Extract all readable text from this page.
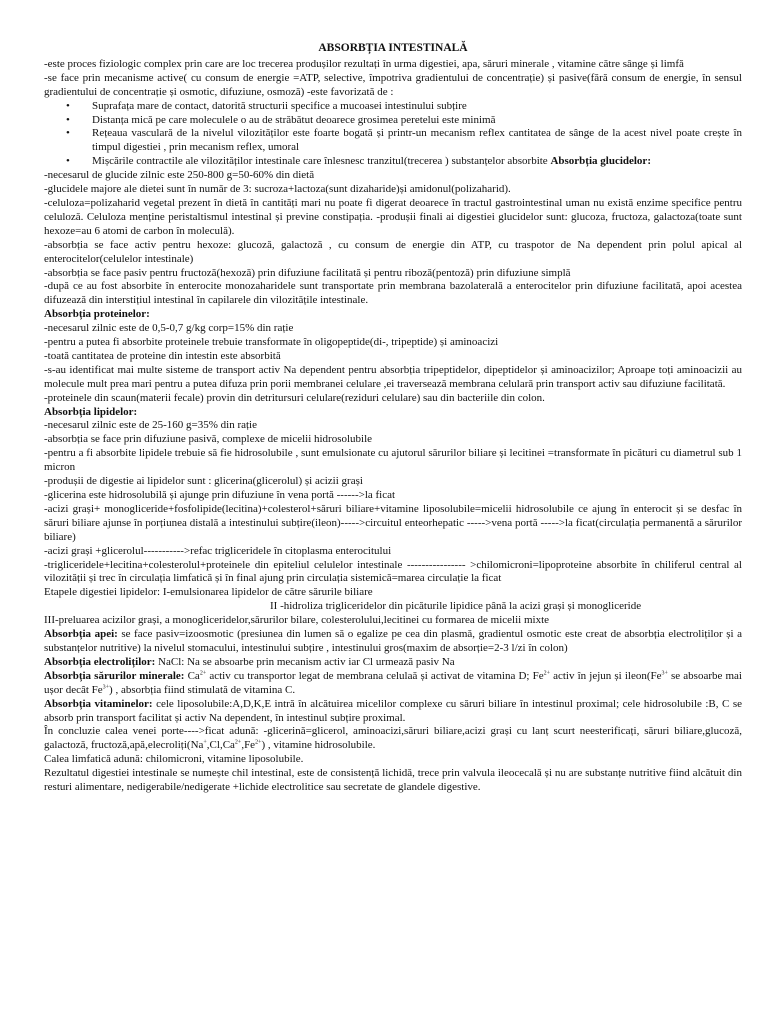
ABSORBȚIA INTESTINALĂ

-este proces fiziologic complex prin care are loc trecerea produșilor rezultați în urma digestiei, apa, săruri minerale , vitamine către sânge și limfă

-se face prin mecanisme active( cu consum de energie =ATP, selective, împotriva gradientului de concentrație) și pasive(fără consum de energie, în sensul gradientului de concentrație și osmotic, difuziune, osmoză) -este favorizată de :

• Suprafața mare de contact, datorită structurii specifice a mucoasei intestinului subțire
• Distanța mică pe care moleculele o au de străbătut deoarece grosimea peretelui este minimă
• Rețeaua vasculară de la nivelul vilozităților este foarte bogată și printr-un mecanism reflex cantitatea de sânge de la acest nivel poate crește în timpul digestiei , prin mecanism reflex, umoral
• Mișcările contractile ale vilozităților intestinale care înlesnesc tranzitul(trecerea ) substanțelor absorbite Absorbția glucidelor:

-necesarul de glucide zilnic este 250-800 g=50-60% din dietă

-glucidele majore ale dietei sunt în număr de 3: sucroza+lactoza(sunt dizaharide)și amidonul(polizaharid).

-celuloza=polizaharid vegetal prezent în dietă în cantități mari nu poate fi digerat deoarece în tractul gastrointestinal uman nu există enzime specifice pentru celuloză. Celuloza menține peristaltismul intestinal și previne constipația. -produșii finali ai digestiei glucidelor sunt: glucoza, fructoza, galactoza(toate sunt hexoze=au 6 atomi de carbon în moleculă).

-absorbția se face activ pentru hexoze: glucoză, galactoză , cu consum de energie din ATP, cu traspotor de Na dependent prin polul apical al enterocitelor(celulelor intestinale)

-absorbția se face pasiv pentru fructoză(hexoză) prin difuziune facilitată și pentru riboză(pentoză) prin difuziune simplă

-după ce au fost absorbite în enterocite monozaharidele sunt transportate prin membrana bazolaterală a enterocitelor prin difuziune facilitată, apoi acestea difuzează din interstițiul intestinal în capilarele din vilozitățile intestinale.

Absorbția proteinelor:

-necesarul zilnic este de 0,5-0,7 g/kg corp=15% din rație

-pentru a putea fi absorbite proteinele trebuie transformate în oligopeptide(di-, tripeptide) și aminoacizi

-toată cantitatea de proteine din intestin este absorbită

-s-au identificat mai multe sisteme de transport activ Na dependent pentru absorbția tripeptidelor, dipeptidelor și aminoacizilor; Aproape toți aminoacizii au molecule mult prea mari pentru a putea difuza prin porii membranei celulare ,ei traversează membrana celulară prin transport activ sau difuziune facilitată.

-proteinele din scaun(materii fecale) provin din detritursuri celulare(reziduri celulare) sau din bacteriile din colon.

Absorbția lipidelor:

-necesarul zilnic este de 25-160 g=35% din rație

-absorbția se face prin difuziune pasivă, complexe de micelii hidrosolubile

-pentru a fi absorbite lipidele trebuie să fie hidrosolubile , sunt emulsionate cu ajutorul sărurilor biliare și lecitinei =transformate în picături cu diametrul sub 1 micron

-produșii de digestie ai lipidelor sunt : glicerina(glicerolul) și acizii grași

-glicerina este hidrosolubilă și ajunge prin difuziune în vena portă ------>la ficat

-acizi grași+ monogliceride+fosfolipide(lecitina)+colesterol+săruri biliare+vitamine liposolubile=micelii hidrosolubile ce ajung în enterocit și se desfac în săruri biliare ajunse în porțiunea distală a intestinului subțire(ileon)----->circuitul enteorhepatic ----->vena portă ----->la ficat(circulația permanentă a sărurilor biliare)

-acizi grași +glicerolul----------->refac trigliceridele în citoplasma enterocitului

-trigliceridele+lecitina+colesterolul+proteinele din epiteliul celulelor intestinale ---------------- >chilomicroni=lipoproteine absorbite în chiliferul central al vilozității și trec în circulația limfatică și în final ajung prin circulația sistemică=marea circulație la ficat

Etapele digestiei lipidelor: I-emulsionarea lipidelor de către sărurile biliare

II -hidroliza trigliceridelor din picăturile lipidice până la acizi grași și monogliceride

III-preluarea acizilor grași, a monogliceridelor,sărurilor bilare, colesterolului,lecitinei cu formarea de micelii mixte

Absorbția apei: se face pasiv=izoosmotic (presiunea din lumen să o egalize pe cea din plasmă, gradientul osmotic este creat de absorbția electroliților și a substanțelor nutritive) la nivelul stomacului, intestinului subțire , intestinului gros(maxim de absorție=2-3 l/zi în colon)

Absorbția electroliților: NaCl: Na se absoarbe prin mecanism activ iar Cl urmează pasiv Na

Absorbția sărurilor minerale: $Ca^{2+}$ activ cu transportor legat de membrana celulaă și activat de vitamina D; $Fe^{2+}$ activ în jejun și $ileon(Fe^{3+}$ se absoarbe mai ușor decât $Fe^{3+}$) , absorbția fiind stimulată de vitamina C.

Absorbția vitaminelor: cele liposolubile:A,D,K,E intră în alcătuirea micelilor complexe cu săruri biliare în intestinul proximal; cele hidrosolubile :B, C se absorb prin transport facilitat și activ Na dependent, în intestinul subțire proximal.

În concluzie calea venei porte---->ficat adună: -glicerină=glicerol, aminoacizi,săruri biliare,acizi grași cu lanț scurt neesterificați, săruri biliare,glucoză, galactoză, $fructoză,apă,elecroliți(Na^+,Cl,Ca^{2+},Fe^{2+})$ , vitamine hidrosolubile.

Calea limfatică adună: chilomicroni, vitamine liposolubile.

Rezultatul digestiei intestinale se numește chil intestinal, este de consistență lichidă, trece prin valvula ileocecală și nu are substanțe nutritive fiind alcătuit din resturi alimentare, nedigerabile/nedigerate +lichide electrolitice sau secretate de glandele digestive.
